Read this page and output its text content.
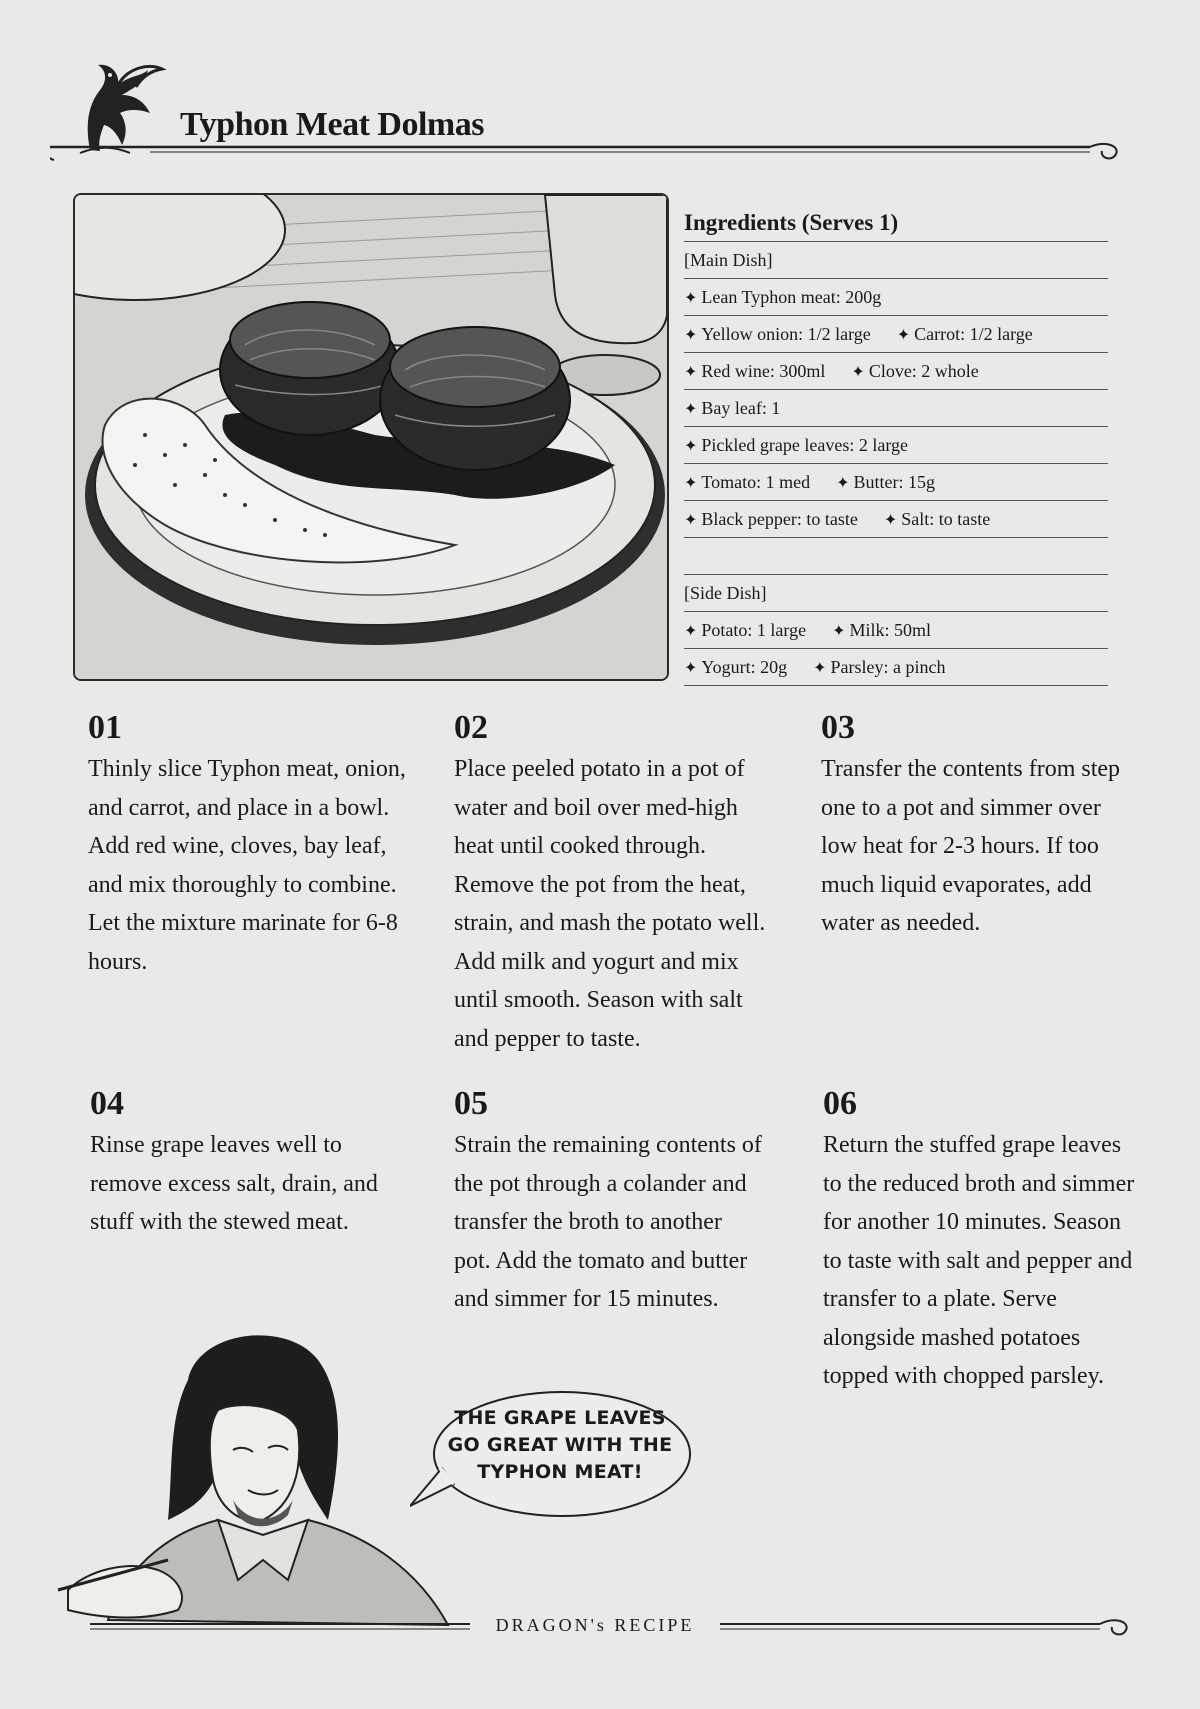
Typhon Meat Dolmas
Ingredients (Serves 1)
[Main Dish]
✦ Lean Typhon meat: 200g
✦ Yellow onion: 1/2 large ✦ Carrot: 1/2 large
✦ Red wine: 300ml ✦ Clove: 2 whole
✦ Bay leaf: 1
✦ Pickled grape leaves: 2 large
✦ Tomato: 1 med ✦ Butter: 15g
✦ Black pepper: to taste ✦ Salt: to taste
[Side Dish]
✦ Potato: 1 large ✦ Milk: 50ml
✦ Yogurt: 20g ✦ Parsley: a pinch

01

Thinly slice Typhon meat, onion, and carrot, and place in a bowl. Add red wine, cloves, bay leaf, and mix thoroughly to combine. Let the mixture marinate for 6-8 hours.

02

Place peeled potato in a pot of water and boil over med-high heat until cooked through. Remove the pot from the heat, strain, and mash the potato well. Add milk and yogurt and mix until smooth. Season with salt and pepper to taste.

03

Transfer the contents from step one to a pot and simmer over low heat for 2-3 hours. If too much liquid evaporates, add water as needed.

04

Rinse grape leaves well to remove excess salt, drain, and stuff with the stewed meat.

05

Strain the remaining contents of the pot through a colander and transfer the broth to another pot. Add the tomato and butter and simmer for 15 minutes.

06

Return the stuffed grape leaves to the reduced broth and simmer for another 10 minutes. Season to taste with salt and pepper and transfer to a plate. Serve alongside mashed potatoes topped with chopped parsley.

THE GRAPE LEAVES
GO GREAT WITH THE
TYPHON MEAT!

DRAGON's RECIPE
